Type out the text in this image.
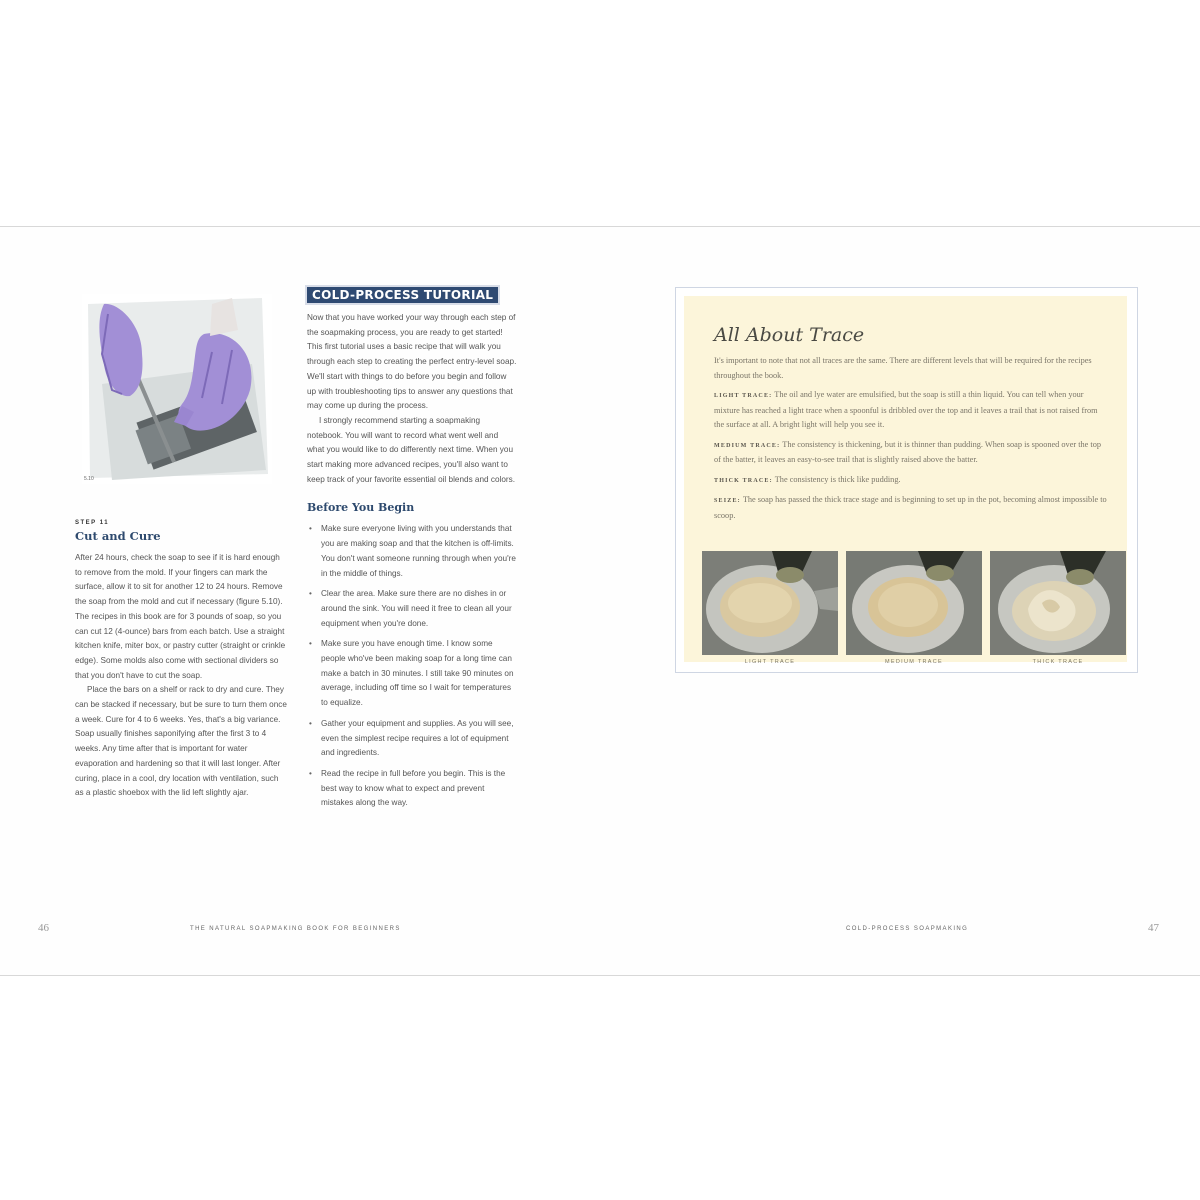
5.10

STEP 11

Cut and Cure

After 24 hours, check the soap to see if it is hard enough to remove from the mold. If your fingers can mark the surface, allow it to sit for another 12 to 24 hours. Remove the soap from the mold and cut if necessary (figure 5.10). The recipes in this book are for 3 pounds of soap, so you can cut 12 (4-ounce) bars from each batch. Use a straight kitchen knife, miter box, or pastry cutter (straight or crinkle edge). Some molds also come with sectional dividers so that you don't have to cut the soap.

Place the bars on a shelf or rack to dry and cure. They can be stacked if necessary, but be sure to turn them once a week. Cure for 4 to 6 weeks. Yes, that's a big variance. Soap usually finishes saponifying after the first 3 to 4 weeks. Any time after that is important for water evaporation and hardening so that it will last longer. After curing, place in a cool, dry location with ventilation, such as a plastic shoebox with the lid left slightly ajar.

COLD-PROCESS TUTORIAL

Now that you have worked your way through each step of the soapmaking process, you are ready to get started! This first tutorial uses a basic recipe that will walk you through each step to creating the perfect entry-level soap. We'll start with things to do before you begin and follow up with troubleshooting tips to answer any questions that may come up during the process.

I strongly recommend starting a soapmaking notebook. You will want to record what went well and what you would like to do differently next time. When you start making more advanced recipes, you'll also want to keep track of your favorite essential oil blends and colors.

Before You Begin

• Make sure everyone living with you understands that you are making soap and that the kitchen is off-limits. You don't want someone running through when you're in the middle of things.
• Clear the area. Make sure there are no dishes in or around the sink. You will need it free to clean all your equipment when you're done.
• Make sure you have enough time. I know some people who've been making soap for a long time can make a batch in 30 minutes. I still take 90 minutes on average, including off time so I wait for temperatures to equalize.
• Gather your equipment and supplies. As you will see, even the simplest recipe requires a lot of equipment and ingredients.
• Read the recipe in full before you begin. This is the best way to know what to expect and prevent mistakes along the way.

All About Trace

It's important to note that not all traces are the same. There are different levels that will be required for the recipes throughout the book.

LIGHT TRACE: The oil and lye water are emulsified, but the soap is still a thin liquid. You can tell when your mixture has reached a light trace when a spoonful is dribbled over the top and it leaves a trail that is not raised from the surface at all. A bright light will help you see it.

MEDIUM TRACE: The consistency is thickening, but it is thinner than pudding. When soap is spooned over the top of the batter, it leaves an easy-to-see trail that is slightly raised above the batter.

THICK TRACE: The consistency is thick like pudding.

SEIZE: The soap has passed the thick trace stage and is beginning to set up in the pot, becoming almost impossible to scoop.

LIGHT TRACE	MEDIUM TRACE	THICK TRACE
46	THE NATURAL SOAPMAKING BOOK FOR BEGINNERS	COLD-PROCESS SOAPMAKING	47
